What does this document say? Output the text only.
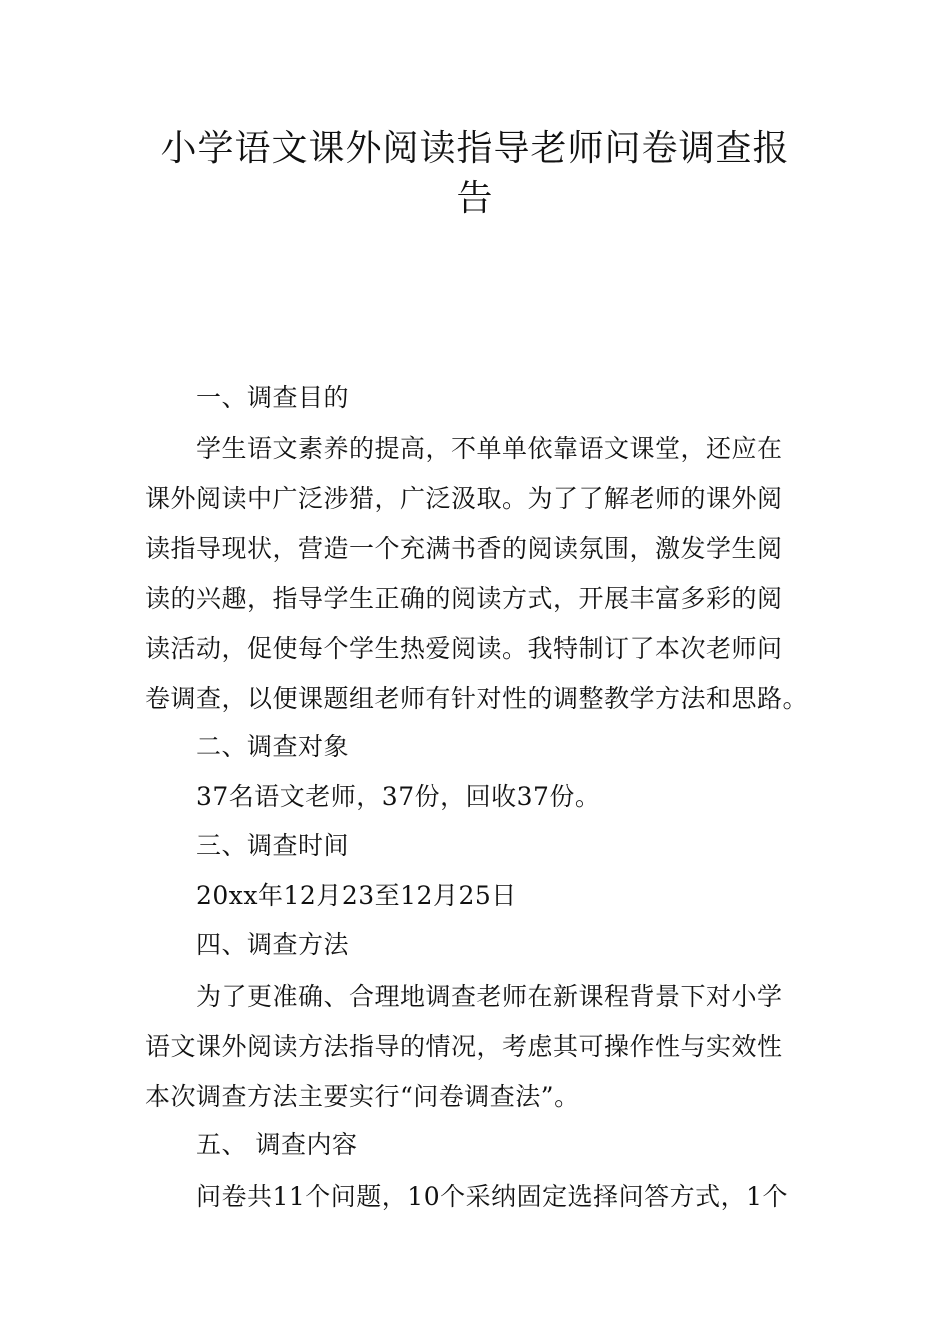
小学语文课外阅读指导老师问卷调查报
告
一、调查目的
学生语文素养的提高，不单单依靠语文课堂，还应在
课外阅读中广泛涉猎，广泛汲取。为了了解老师的课外阅
读指导现状，营造一个充满书香的阅读氛围，激发学生阅
读的兴趣，指导学生正确的阅读方式，开展丰富多彩的阅
读活动，促使每个学生热爱阅读。我特制订了本次老师问
卷调查，以便课题组老师有针对性的调整教学方法和思路。
二、调查对象
37名语文老师，37份，回收37份。
三、调查时间
20xx年12月23至12月25日
四、调查方法
为了更准确、合理地调查老师在新课程背景下对小学
语文课外阅读方法指导的情况，考虑其可操作性与实效性
本次调查方法主要实行“问卷调查法”。
五、 调查内容
问卷共11个问题，10个采纳固定选择问答方式，1个
